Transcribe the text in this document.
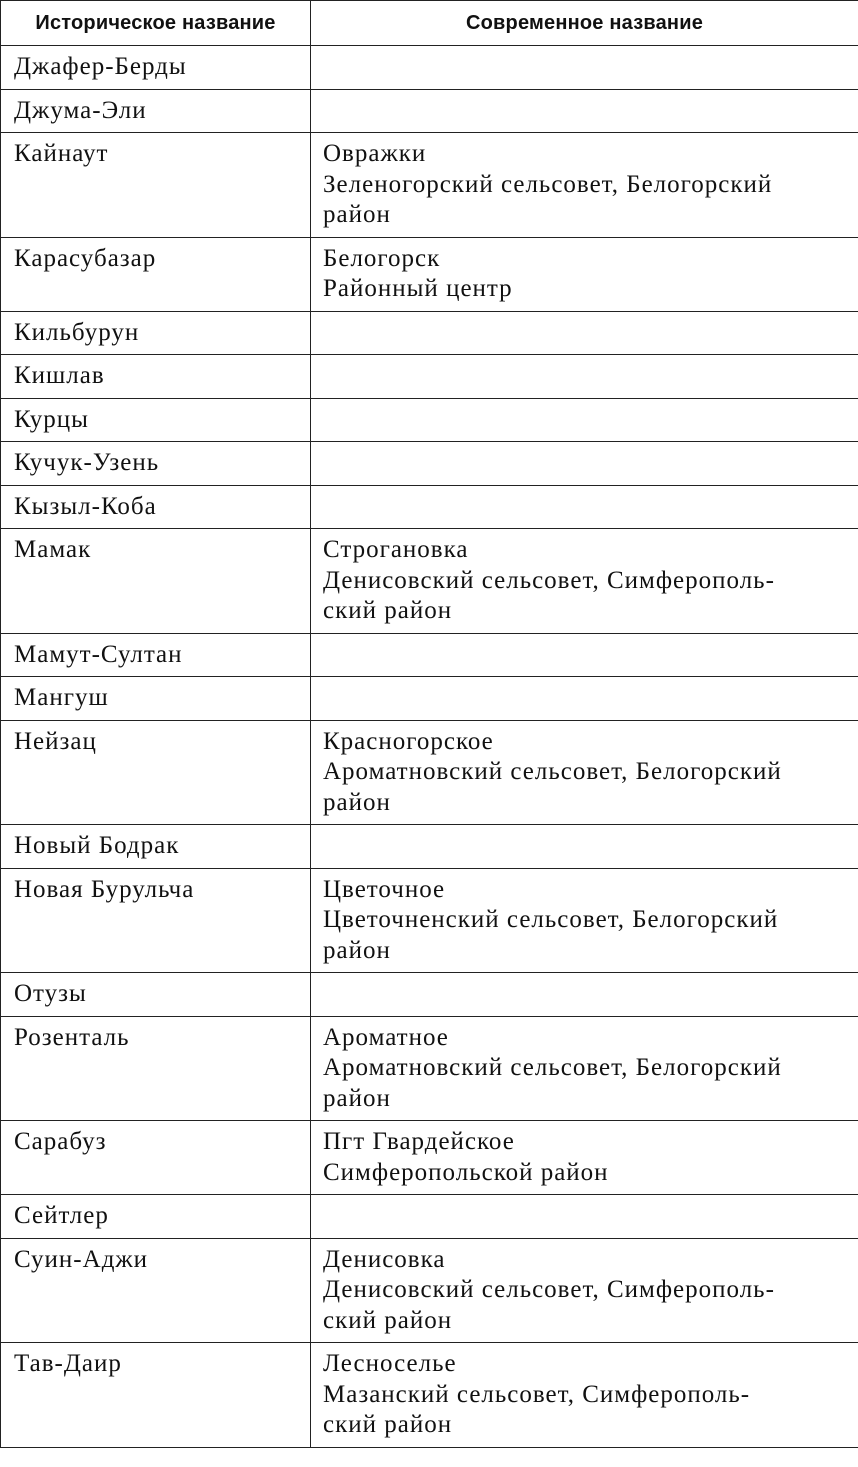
Историческое название	Современное название

Джафер-Берды	

Джума-Эли	

Кайнаут	Овражки
Зеленогорский сельсовет, Белогорский
район

Карасубазар	Белогорск
Районный центр

Кильбурун	

Кишлав	

Курцы	

Кучук-Узень	

Кызыл-Коба	

Мамак	Строгановка
Денисовский сельсовет, Симферополь-
ский район

Мамут-Султан	

Мангуш	

Нейзац	Красногорское
Ароматновский сельсовет, Белогорский
район

Новый Бодрак	

Новая Бурульча	Цветочное
Цветочненский сельсовет, Белогорский
район

Отузы	

Розенталь	Ароматное
Ароматновский сельсовет, Белогорский
район

Сарабуз	Пгт Гвардейское
Симферопольской район

Сейтлер	

Суин-Аджи	Денисовка
Денисовский сельсовет, Симферополь-
ский район

Тав-Даир	Лесноселье
Мазанский сельсовет, Симферополь-
ский район
